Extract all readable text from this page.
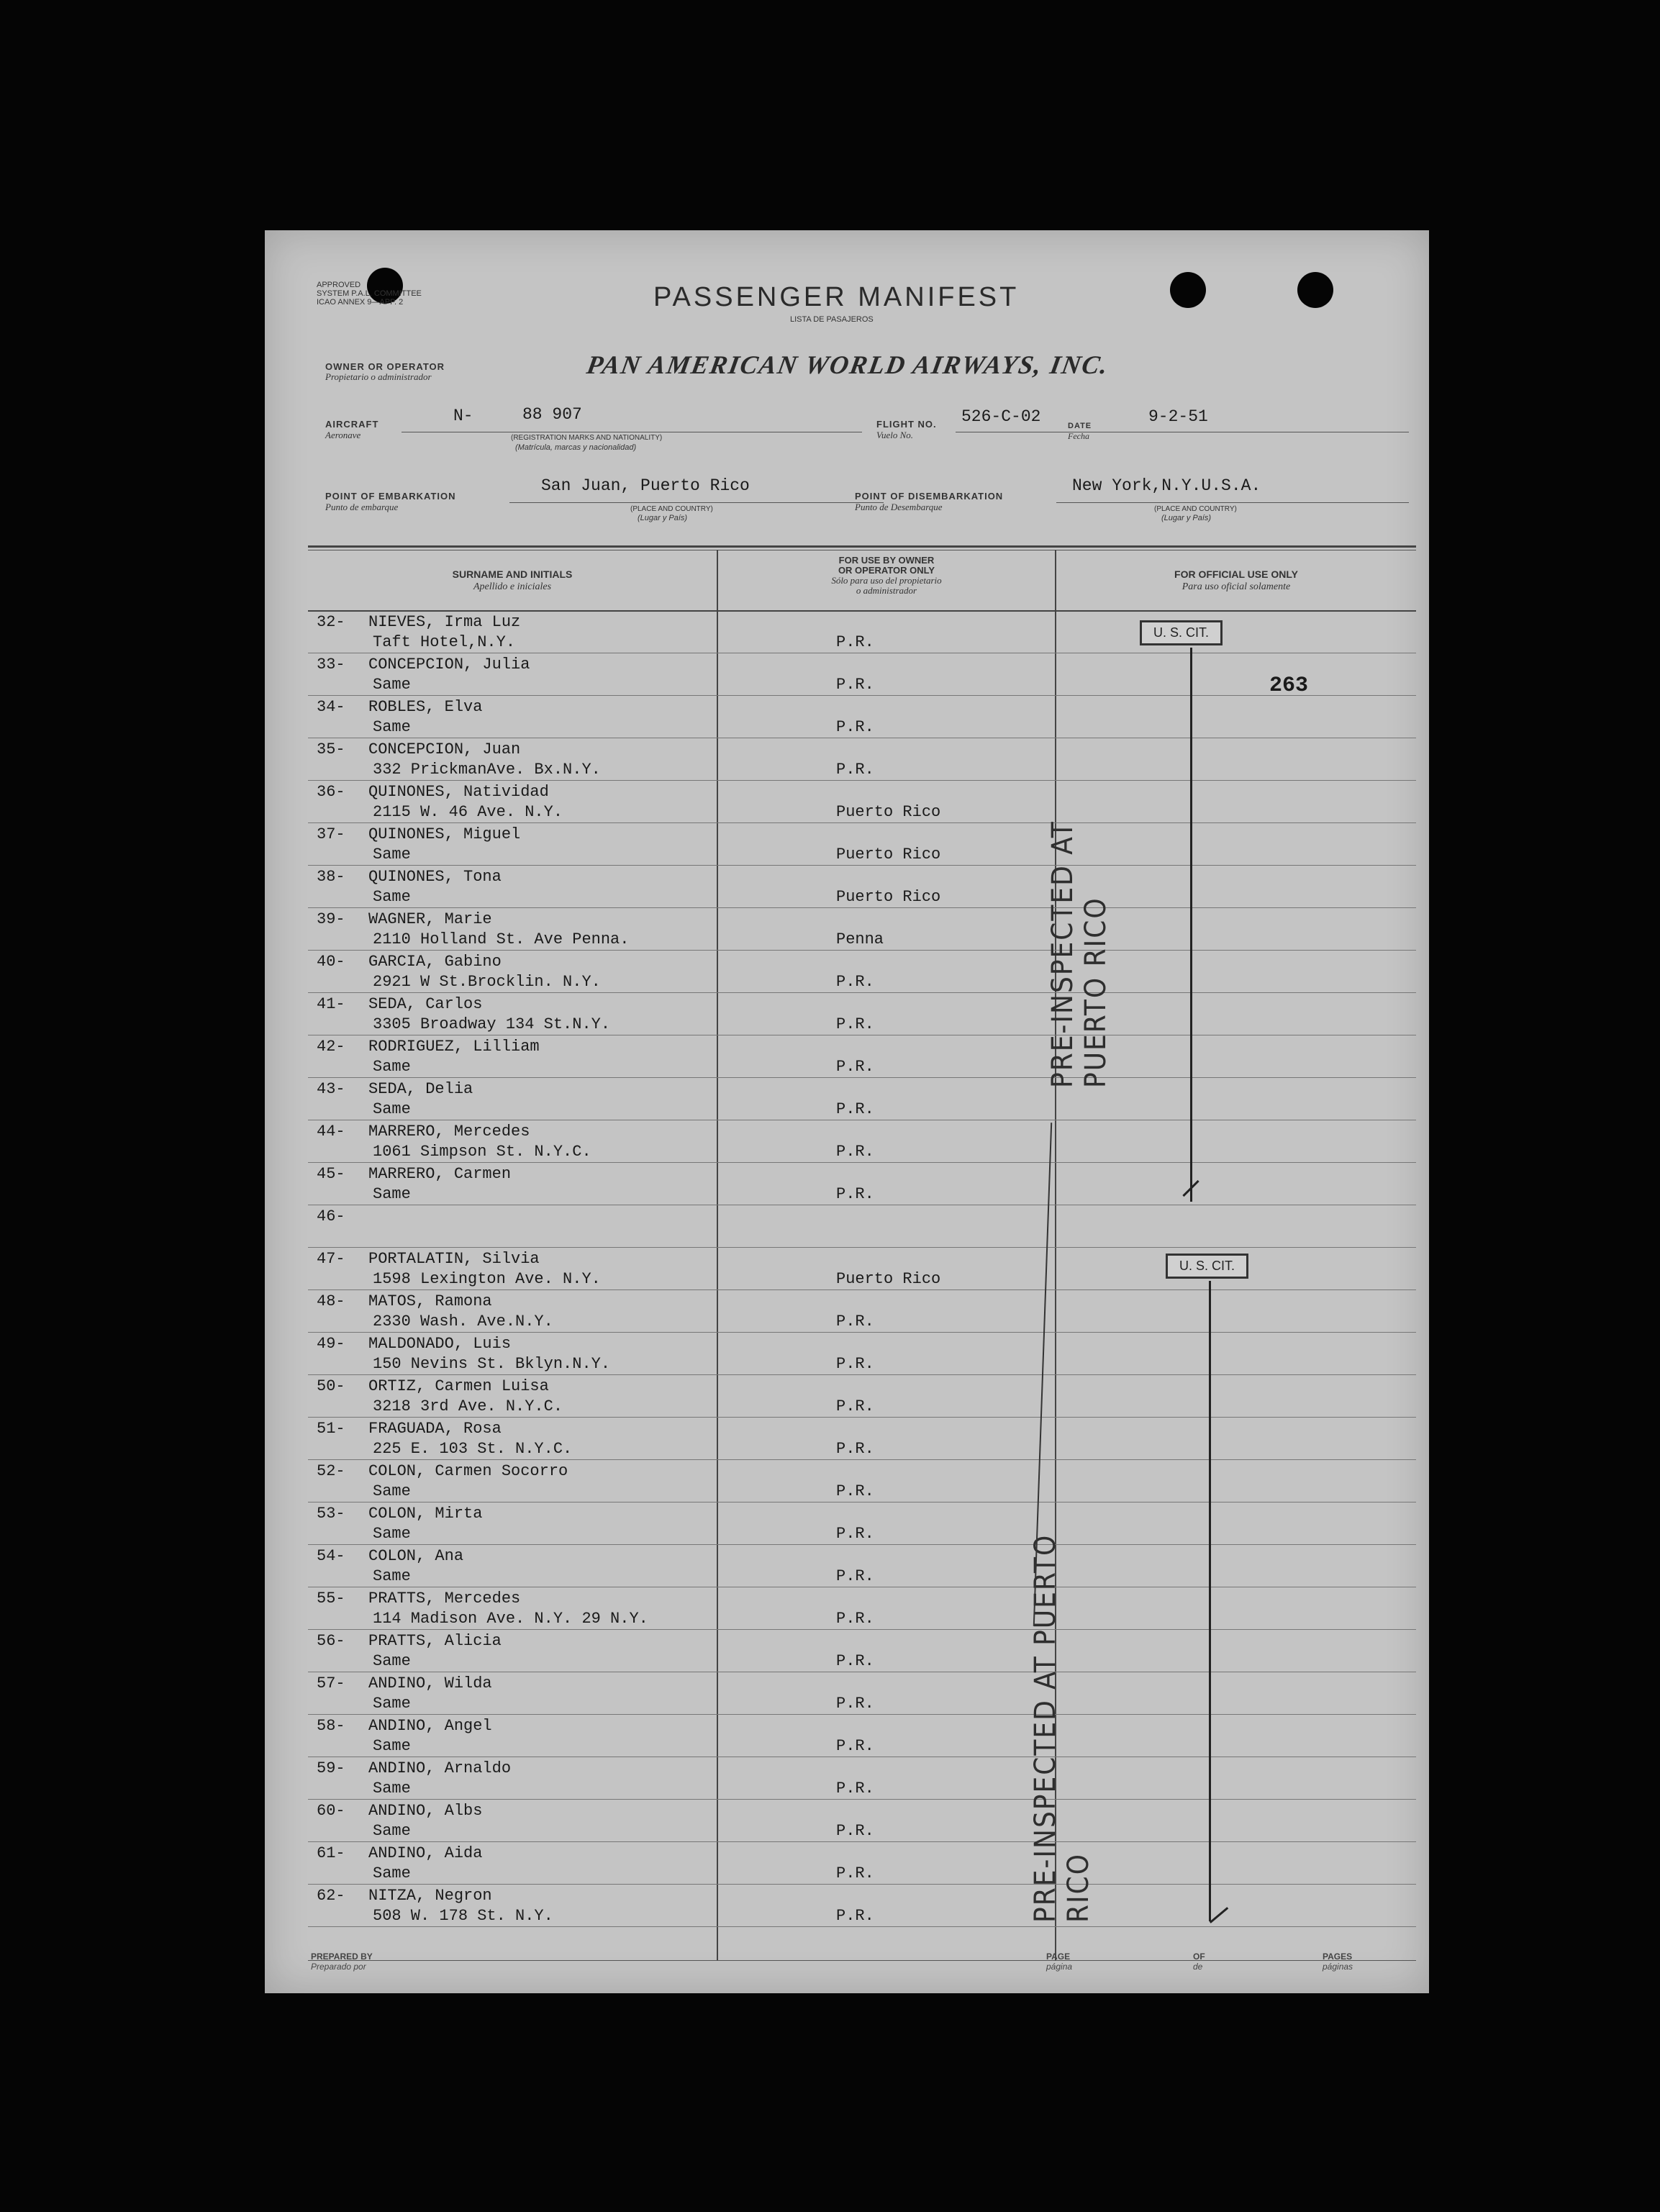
APPROVED
SYSTEM P.A.L. COMMITTEE
ICAO ANNEX 9—APP. 2	PASSENGER MANIFEST
LISTA DE PASAJEROS
OWNER OR OPERATOR
Propietario o administrador	PAN AMERICAN WORLD AIRWAYS, INC.
AIRCRAFT
Aeronave
N-	88 907
(REGISTRATION MARKS AND NATIONALITY)
(Matrícula, marcas y nacionalidad)
FLIGHT NO.
Vuelo No.
526-C-02	DATE
Fecha
9-2-51
POINT OF EMBARKATION
Punto de embarque
San Juan, Puerto Rico
(PLACE AND COUNTRY)
(Lugar y País)
POINT OF DISEMBARKATION
Punto de Desembarque
New York,N.Y.U.S.A.
(PLACE AND COUNTRY)
(Lugar y País)
SURNAME AND INITIALS
Apellido e iniciales
FOR USE BY OWNER
OR OPERATOR ONLY
Sólo para uso del propietario
o administrador
FOR OFFICIAL USE ONLY
Para uso oficial solamente
32- NIEVES, Irma Luz
Taft Hotel,N.Y.	P.R.
33- CONCEPCION, Julia
Same	P.R.
34- ROBLES, Elva
Same	P.R.
35- CONCEPCION, Juan
332 PrickmanAve. Bx.N.Y.	P.R.
36- QUINONES, Natividad
2115 W. 46 Ave. N.Y.	Puerto Rico
37- QUINONES, Miguel
Same	Puerto Rico
38- QUINONES, Tona
Same	Puerto Rico
39- WAGNER, Marie
2110 Holland St. Ave Penna.	Penna
40- GARCIA, Gabino
2921 W St.Brocklin. N.Y.	P.R.
41- SEDA, Carlos
3305 Broadway 134 St.N.Y.	P.R.
42- RODRIGUEZ, Lilliam
Same	P.R.
43- SEDA, Delia
Same	P.R.
44- MARRERO, Mercedes
1061 Simpson St. N.Y.C.	P.R.
45- MARRERO, Carmen
Same	P.R.
46-
47- PORTALATIN, Silvia
1598 Lexington Ave. N.Y.	Puerto Rico
48- MATOS, Ramona
2330 Wash. Ave.N.Y.	P.R.
49- MALDONADO, Luis
150 Nevins St. Bklyn.N.Y.	P.R.
50- ORTIZ, Carmen Luisa
3218 3rd Ave. N.Y.C.	P.R.
51- FRAGUADA, Rosa
225 E. 103 St. N.Y.C.	P.R.
52- COLON, Carmen Socorro
Same	P.R.
53- COLON, Mirta
Same	P.R.
54- COLON, Ana
Same	P.R.
55- PRATTS, Mercedes
114 Madison Ave. N.Y. 29 N.Y.	P.R.
56- PRATTS, Alicia
Same	P.R.
57- ANDINO, Wilda
Same	P.R.
58- ANDINO, Angel
Same	P.R.
59- ANDINO, Arnaldo
Same	P.R.
60- ANDINO, Albs
Same	P.R.
61- ANDINO, Aida
Same	P.R.
62- NITZA, Negron
508 W. 178 St. N.Y.	P.R.
PRE-INSPECTED AT PUERTO RICO
PRE-INSPECTED AT PUERTO RICO
U. S. CIT.
263
U. S. CIT.
PREPARED BY
Preparado por
PAGE
página
OF
de
PAGES
páginas
